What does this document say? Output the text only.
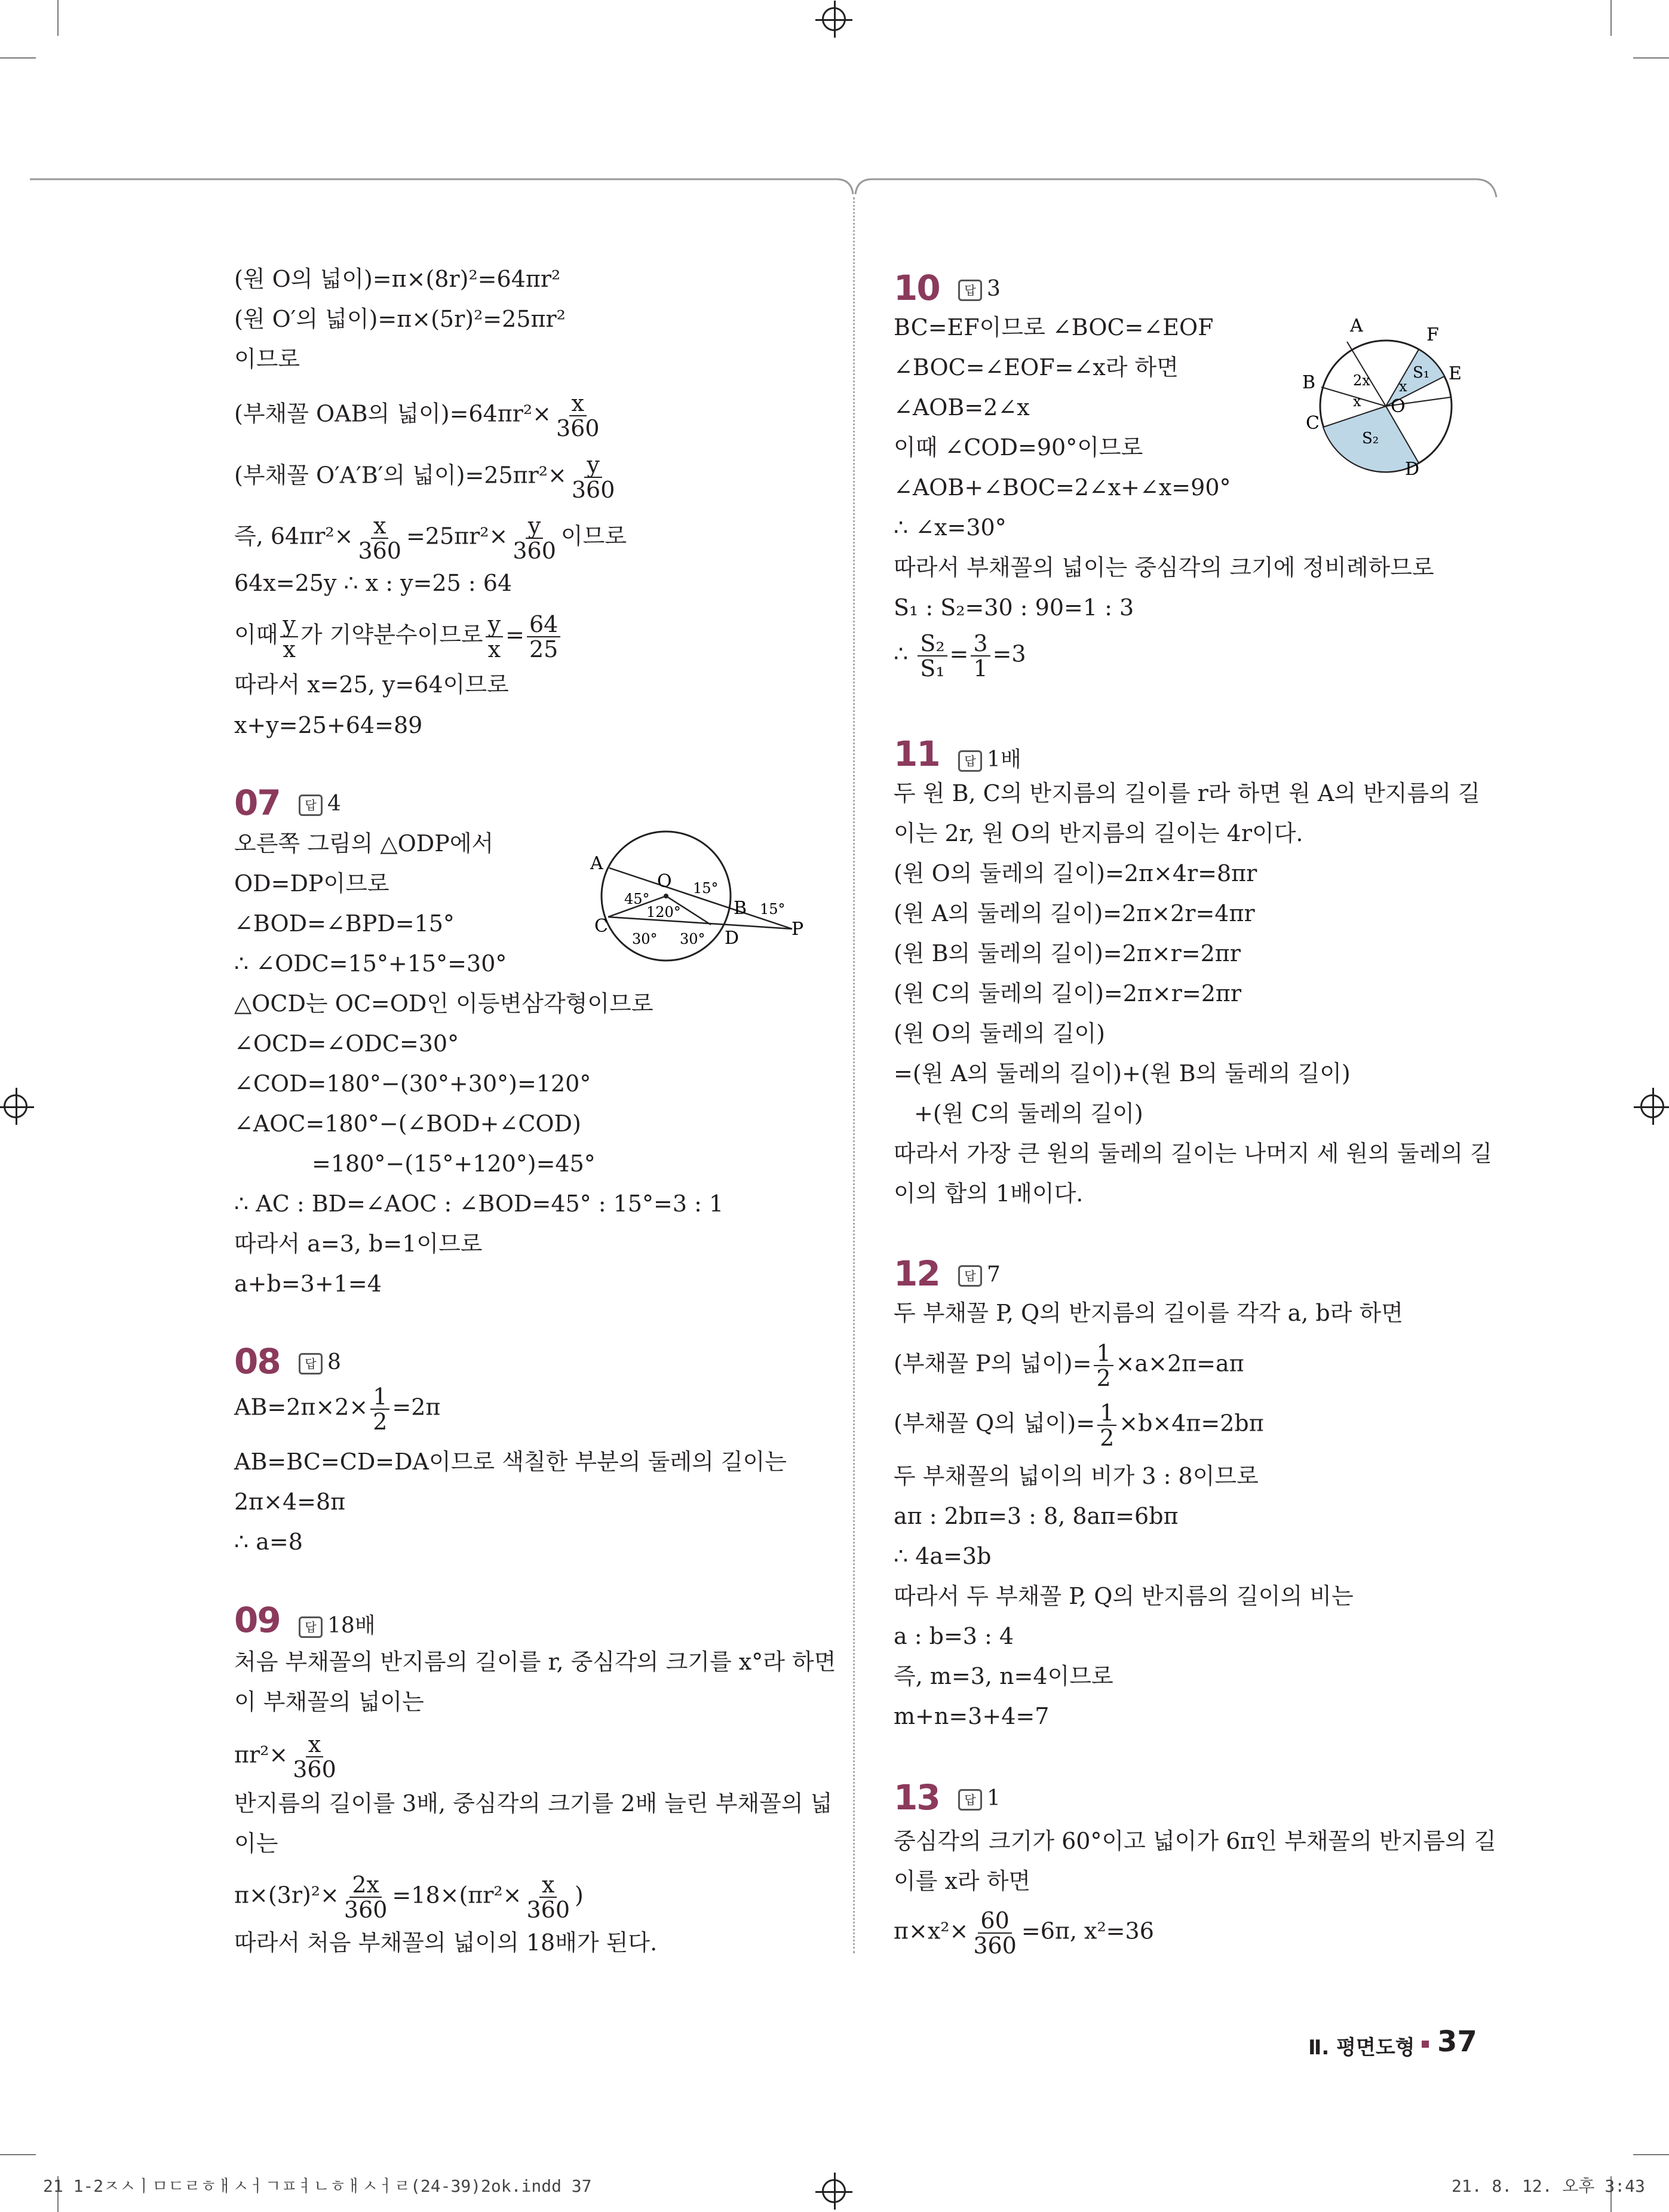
(원 O의 넓이)=π×(8r)²=64πr²
(원 O′의 넓이)=π×(5r)²=25πr²
이므로
(부채꼴 OAB의 넓이)$=64\pi r^2\times \frac{x}{360}$
(부채꼴 O′A′B′의 넓이)$=25\pi r^2\times \frac{y}{360}$
즉, $64\pi r^2\times \frac{x}{360} =25\pi r^2\times \frac{y}{360}$ 이므로
64x=25y ∴ x : y=25 : 64
이때 $\frac{y}{x}$ 가 기약분수이므로 $\frac{y}{x} = \frac{64}{25}$
따라서 x=25, y=64이므로
x+y=25+64=89
07	답 4
오른쪽 그림의 △ODP에서
OD=DP이므로
∠BOD=∠BPD=15°
∴ ∠ODC=15°+15°=30°
△OCD는 OC=OD인 이등변삼각형이므로
∠OCD=∠ODC=30°
∠COD=180°−(30°+30°)=120°
∠AOC=180°−(∠BOD+∠COD)
=180°−(15°+120°)=45°
∴ AC : BD=∠AOC : ∠BOD=45° : 15°=3 : 1
따라서 a=3, b=1이므로
a+b=3+1=4
A
O
B
C
D	P
45°
15°
120°
30° 30°
15°
08	답 8
$AB=2\pi\times 2\times \frac{1}{2} =2\pi$
AB=BC=CD=DA이므로 색칠한 부분의 둘레의 길이는
2π×4=8π
∴ a=8
09	답 18배
처음 부채꼴의 반지름의 길이를 r, 중심각의 크기를 x°라 하면
이 부채꼴의 넓이는
$\pi r^2\times \frac{x}{360}$
반지름의 길이를 3배, 중심각의 크기를 2배 늘린 부채꼴의 넓
이는
$\pi\times(3r)^2\times \frac{2x}{360} =18\times(\pi r^2\times \frac{x}{360}$ )
따라서 처음 부채꼴의 넓이의 18배가 된다.
10	답 3
BC=EF이므로 ∠BOC=∠EOF
∠BOC=∠EOF=∠x라 하면
∠AOB=2∠x
이때 ∠COD=90°이므로
∠AOB+∠BOC=2∠x+∠x=90°
∴ ∠x=30°
따라서 부채꼴의 넓이는 중심각의 크기에 정비례하므로
S₁ : S₂=30 : 90=1 : 3
∴ $\frac{\text{S₂}}{\text{S₁}} = \frac{3}{1} =3$
A	F
B	E
C
O
D
S₁
S₂
2x
x
x
11	답 1배
두 원 B, C의 반지름의 길이를 r라 하면 원 A의 반지름의 길
이는 2r, 원 O의 반지름의 길이는 4r이다.
(원 O의 둘레의 길이)=2π×4r=8πr
(원 A의 둘레의 길이)=2π×2r=4πr
(원 B의 둘레의 길이)=2π×r=2πr
(원 C의 둘레의 길이)=2π×r=2πr
(원 O의 둘레의 길이)
=(원 A의 둘레의 길이)+(원 B의 둘레의 길이)
+(원 C의 둘레의 길이)
따라서 가장 큰 원의 둘레의 길이는 나머지 세 원의 둘레의 길
이의 합의 1배이다.
12	답 7
두 부채꼴 P, Q의 반지름의 길이를 각각 a, b라 하면
(부채꼴 P의 넓이)= $\frac{1}{2} \times a\times 2\pi=a\pi$
(부채꼴 Q의 넓이)= $\frac{1}{2} \times b\times 4\pi=2b\pi$
두 부채꼴의 넓이의 비가 3 : 8이므로
aπ : 2bπ=3 : 8, 8aπ=6bπ
∴ 4a=3b
따라서 두 부채꼴 P, Q의 반지름의 길이의 비는
a : b=3 : 4
즉, m=3, n=4이므로
m+n=3+4=7
13	답 1
중심각의 크기가 60°이고 넓이가 6π인 부채꼴의 반지름의 길
이를 x라 하면
$\pi\times x^2\times \frac{60}{360} =6\pi$, x²=36
Ⅱ. 평면도형 37
21 1-2ㅈㅅㅣㅁㄷㄹㅎㅐㅅㅓㄱㅍㅕㄴㅎㅐㅅㅓㄹ(24-39)2ok.indd 37	21. 8. 12. 오후 3:43
